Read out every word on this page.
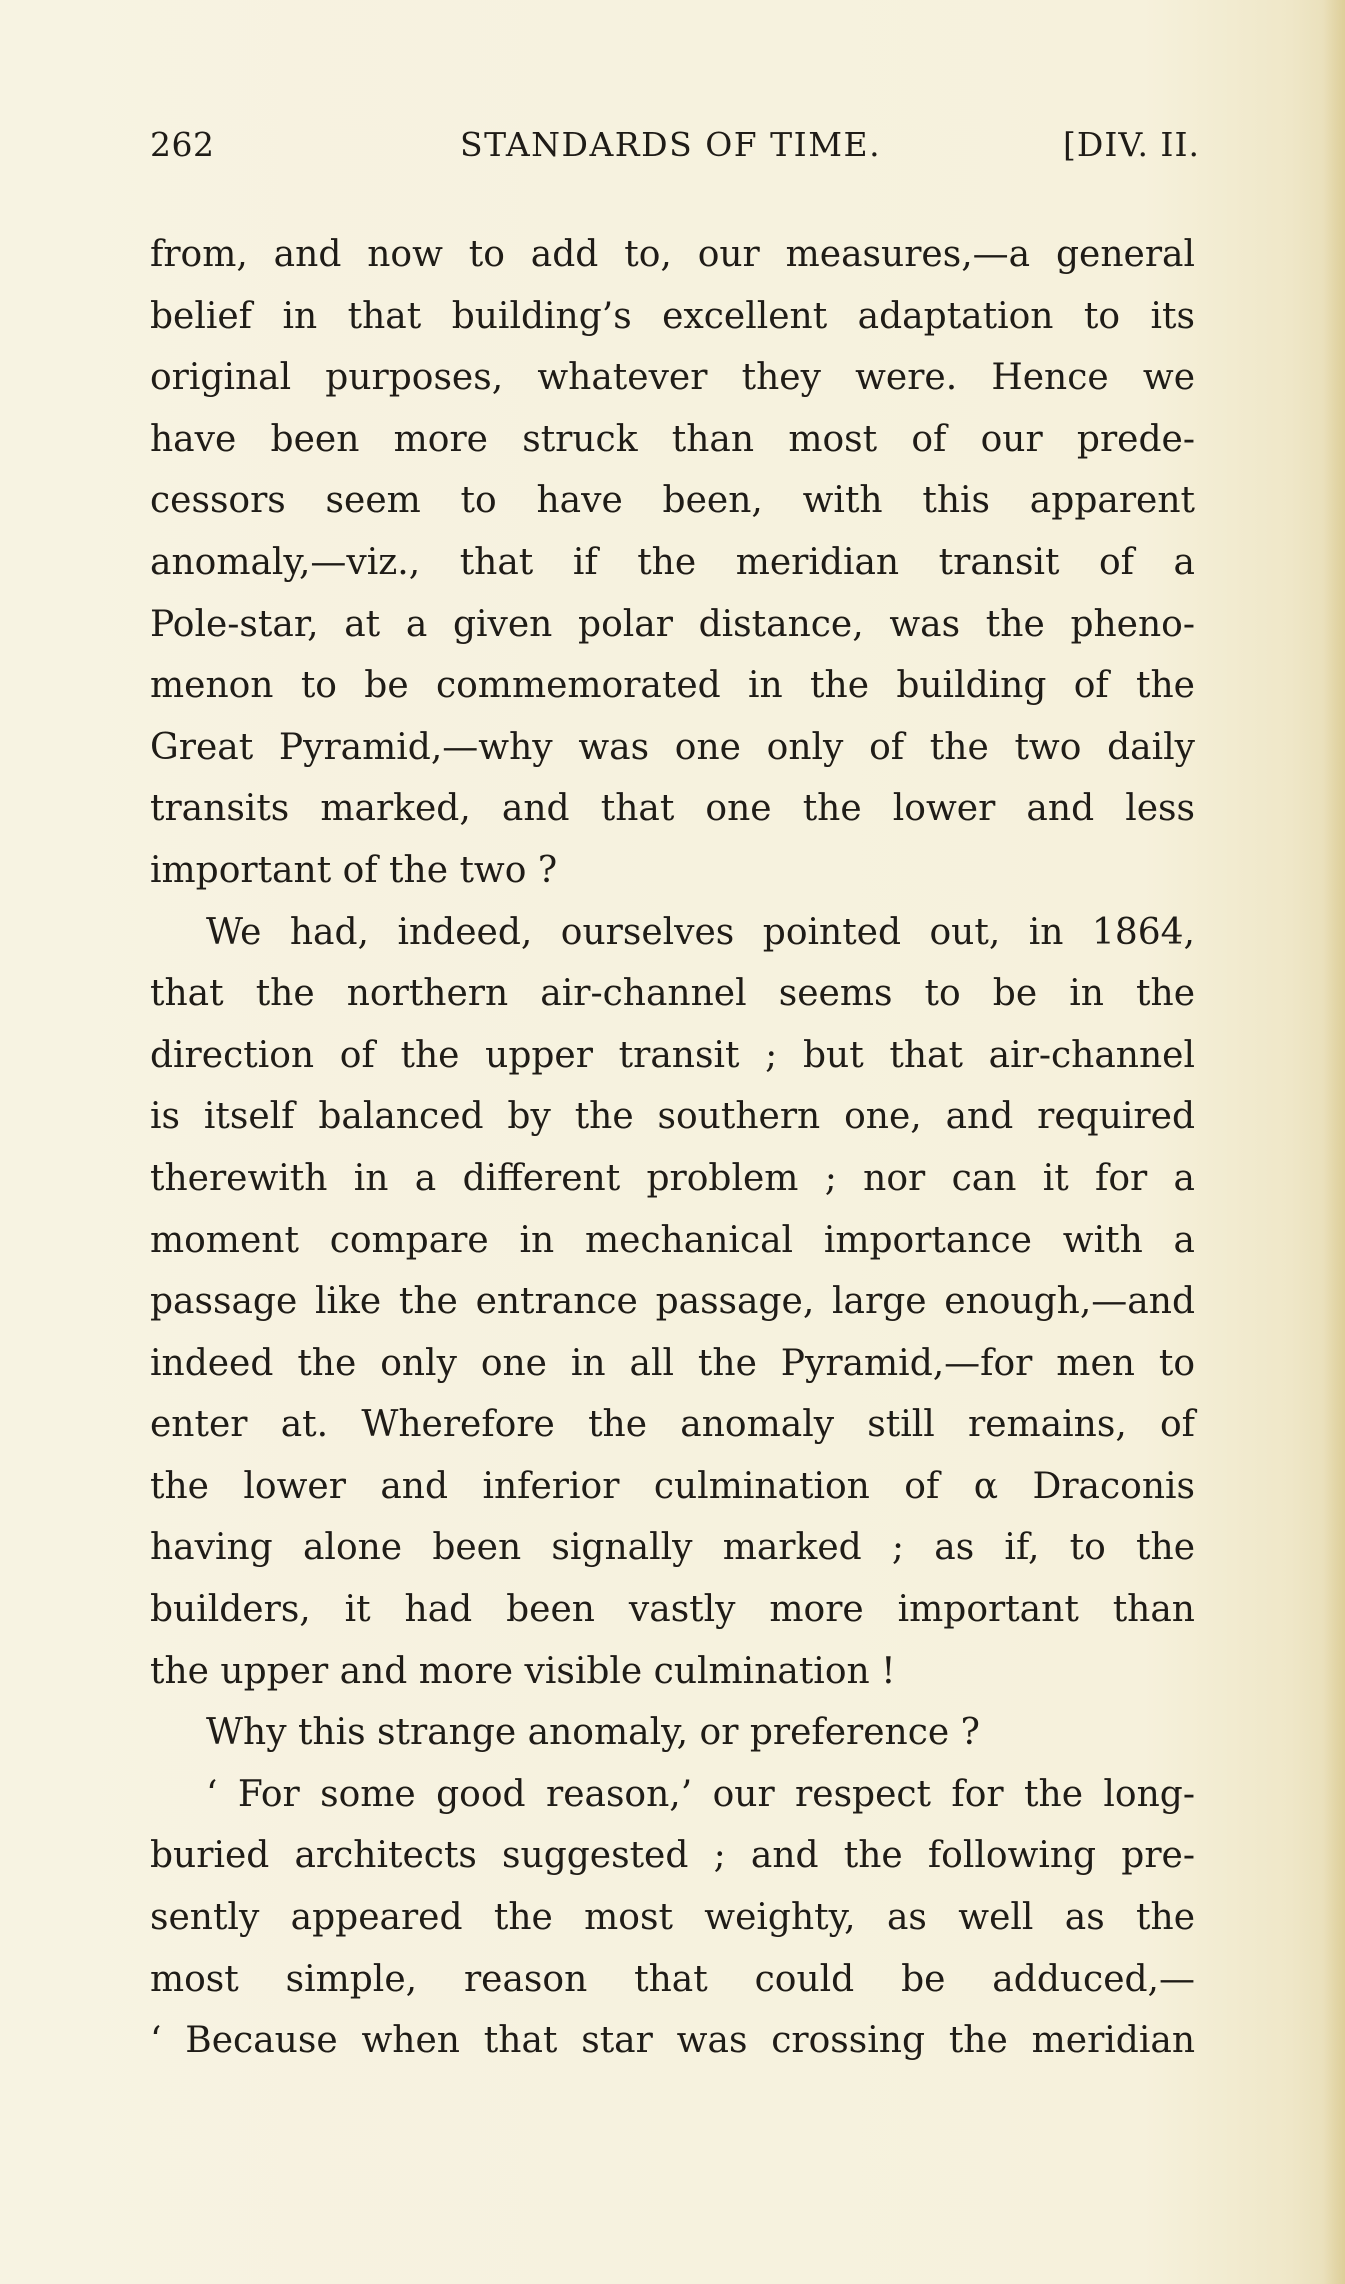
262	STANDARDS OF TIME.	[DIV. II.
from, and now to add to, our measures,—a general
belief in that building’s excellent adaptation to its
original purposes, whatever they were. Hence we
have been more struck than most of our prede-
cessors seem to have been, with this apparent
anomaly,—viz., that if the meridian transit of a
Pole-star, at a given polar distance, was the pheno-
menon to be commemorated in the building of the
Great Pyramid,—why was one only of the two daily
transits marked, and that one the lower and less
important of the two ?
We had, indeed, ourselves pointed out, in 1864,
that the northern air-channel seems to be in the
direction of the upper transit ; but that air-channel
is itself balanced by the southern one, and required
therewith in a different problem ; nor can it for a
moment compare in mechanical importance with a
passage like the entrance passage, large enough,—and
indeed the only one in all the Pyramid,—for men to
enter at. Wherefore the anomaly still remains, of
the lower and inferior culmination of α Draconis
having alone been signally marked ; as if, to the
builders, it had been vastly more important than
the upper and more visible culmination !
Why this strange anomaly, or preference ?
‘ For some good reason,’ our respect for the long-
buried architects suggested ; and the following pre-
sently appeared the most weighty, as well as the
most simple, reason that could be adduced,—
‘ Because when that star was crossing the meridian
